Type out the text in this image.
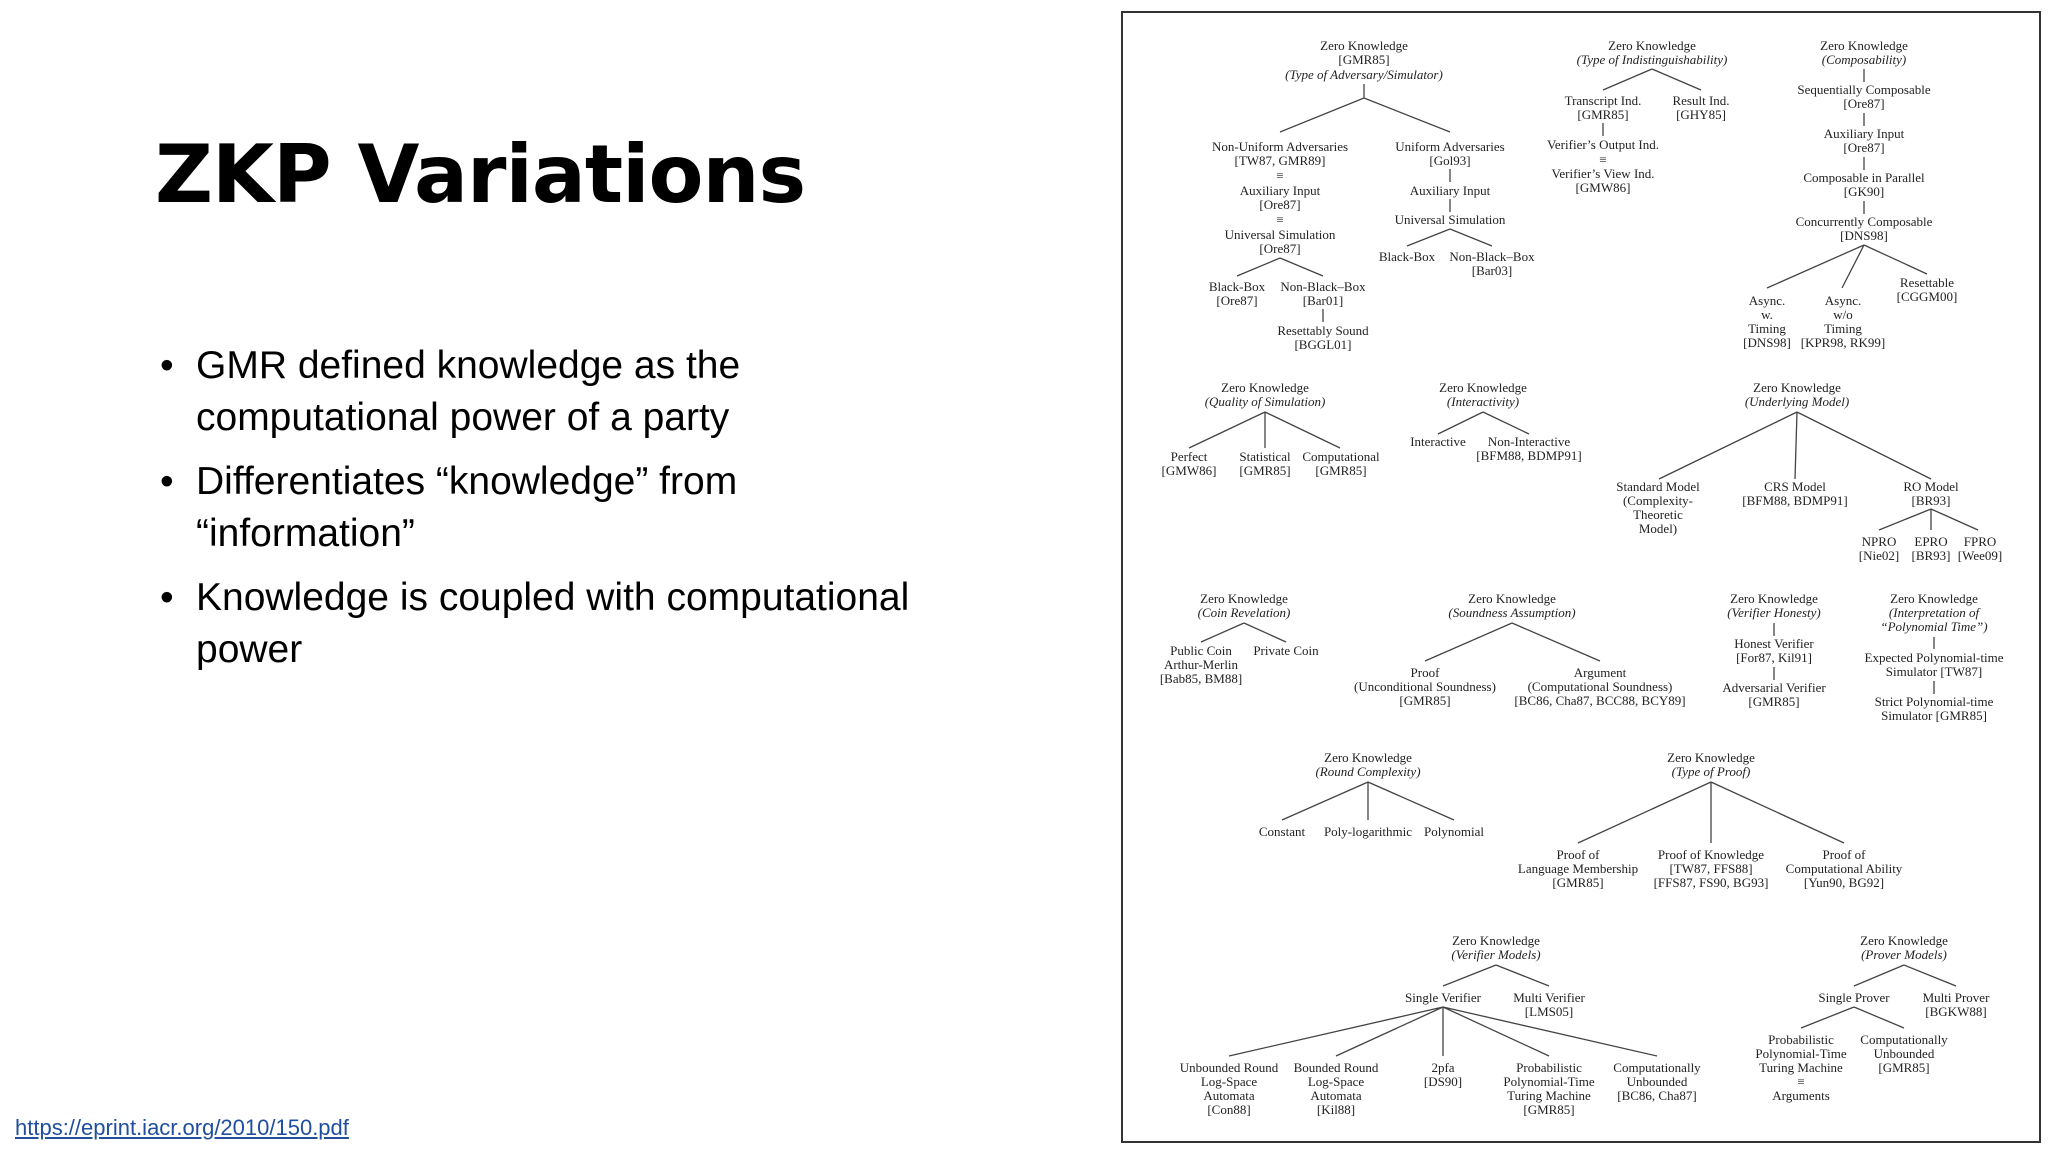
ZKP Variations
• GMR defined knowledge as the
computational power of a party
• Differentiates “knowledge” from
“information”
• Knowledge is coupled with computational
power
https://eprint.iacr.org/2010/150.pdf
Zero Knowledge
[GMR85]
(Type of Adversary/Simulator)
Non-Uniform Adversaries
[TW87, GMR89]
≡
Auxiliary Input
[Ore87]
≡
Universal Simulation
[Ore87]
Black-Box
[Ore87]
Non-Black–Box
[Bar01]
Resettably Sound
[BGGL01]
Uniform Adversaries
[Gol93]
Auxiliary Input
Universal Simulation
Black-Box Non-Black–Box
[Bar03]
Zero Knowledge
(Type of Indistinguishability)
Transcript Ind.
[GMR85]
Result Ind.
[GHY85]
Verifier’s Output Ind.
≡
Verifier’s View Ind.
[GMW86]
Zero Knowledge
(Composability)
Sequentially Composable
[Ore87]
Auxiliary Input
[Ore87]
Composable in Parallel
[GK90]
Concurrently Composable
[DNS98]
Async.
w.
Timing
[DNS98]
Async.
w/o
Timing
[KPR98, RK99]
Resettable
[CGGM00]
Zero Knowledge
(Quality of Simulation)
Perfect
[GMW86]
Statistical
[GMR85]
Computational
[GMR85]
Zero Knowledge
(Interactivity)
Interactive Non-Interactive
[BFM88, BDMP91]
Zero Knowledge
(Underlying Model)
Standard Model
(Complexity-
Theoretic
Model)
CRS Model
[BFM88, BDMP91]
RO Model
[BR93]
NPRO
[Nie02]
EPRO
[BR93]
FPRO
[Wee09]
Zero Knowledge
(Coin Revelation)
Public Coin
Arthur-Merlin
[Bab85, BM88]
Private Coin
Zero Knowledge
(Soundness Assumption)
Proof
(Unconditional Soundness)
[GMR85]
Argument
(Computational Soundness)
[BC86, Cha87, BCC88, BCY89]
Zero Knowledge
(Verifier Honesty)
Honest Verifier
[For87, Kil91]
Adversarial Verifier
[GMR85]
Zero Knowledge
(Interpretation of
“Polynomial Time”)
Expected Polynomial-time
Simulator [TW87]
Strict Polynomial-time
Simulator [GMR85]
Zero Knowledge
(Round Complexity)
Constant Poly-logarithmic Polynomial
Zero Knowledge
(Type of Proof)
Proof of
Language Membership
[GMR85]
Proof of Knowledge
[TW87, FFS88]
[FFS87, FS90, BG93]
Proof of
Computational Ability
[Yun90, BG92]
Zero Knowledge
(Verifier Models)
Single Verifier Multi Verifier
[LMS05]
Unbounded Round
Log-Space
Automata
[Con88]
Bounded Round
Log-Space
Automata
[Kil88]
2pfa
[DS90]
Probabilistic
Polynomial-Time
Turing Machine
[GMR85]
Computationally
Unbounded
[BC86, Cha87]
Zero Knowledge
(Prover Models)
Single Prover	Multi Prover
[BGKW88]
Probabilistic
Polynomial-Time
Turing Machine
≡
Arguments
Computationally
Unbounded
[GMR85]
